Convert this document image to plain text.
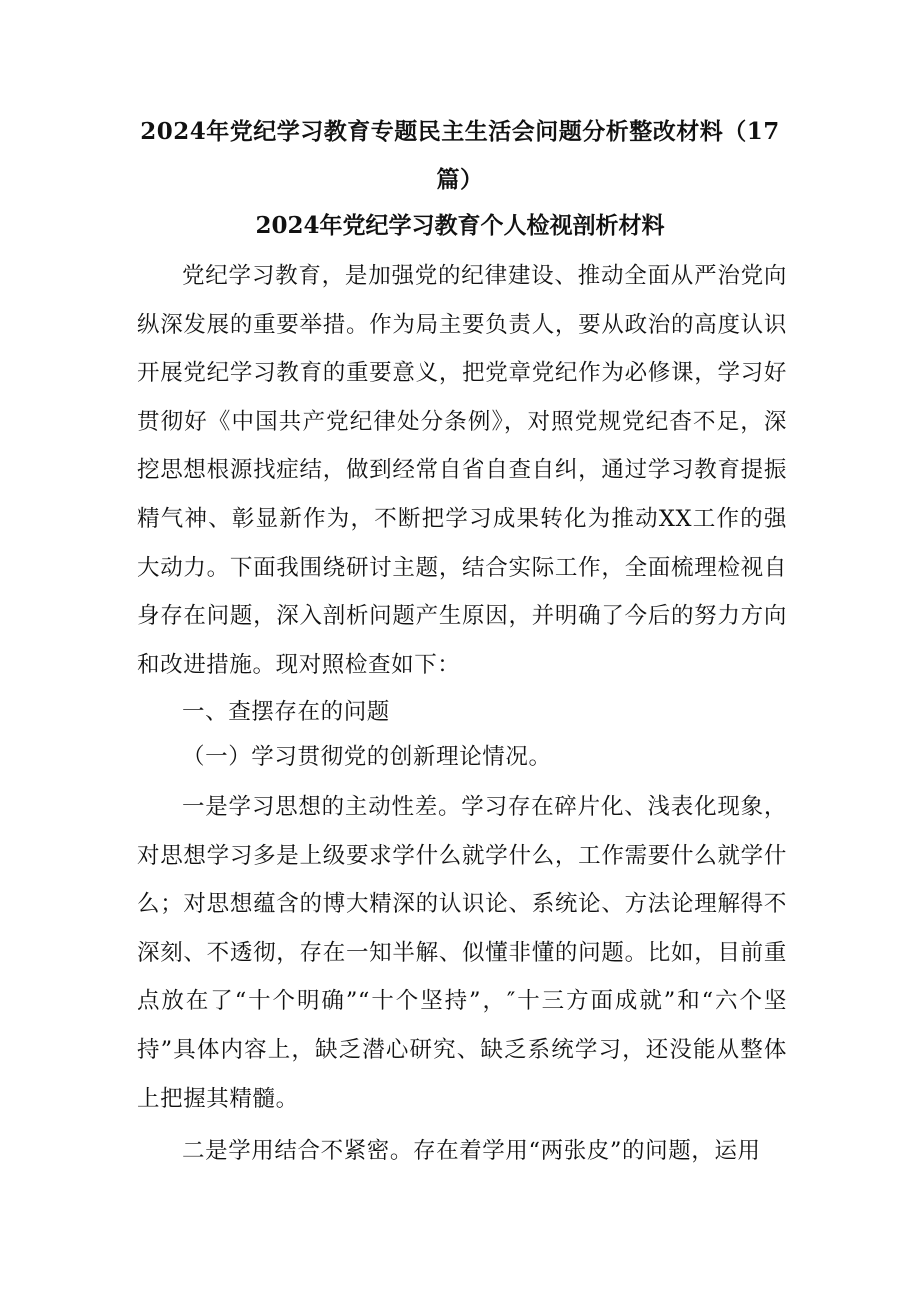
2024年党纪学习教育专题民主生活会问题分析整改材料（17篇）
2024年党纪学习教育个人检视剖析材料

党纪学习教育，是加强党的纪律建设、推动全面从严治党向纵深发展的重要举措。作为局主要负责人，要从政治的高度认识开展党纪学习教育的重要意义，把党章党纪作为必修课，学习好贯彻好《中国共产党纪律处分条例》，对照党规党纪杳不足，深挖思想根源找症结，做到经常自省自查自纠，通过学习教育提振精气神、彰显新作为，不断把学习成果转化为推动XX工作的强大动力。下面我围绕研讨主题，结合实际工作，全面梳理检视自身存在问题，深入剖析问题产生原因，并明确了今后的努力方向和改进措施。现对照检查如下：

一、查摆存在的问题

（一）学习贯彻党的创新理论情况。

一是学习思想的主动性差。学习存在碎片化、浅表化现象，对思想学习多是上级要求学什么就学什么，工作需要什么就学什么；对思想蕴含的博大精深的认识论、系统论、方法论理解得不深刻、不透彻，存在一知半解、似懂非懂的问题。比如，目前重点放在了“十个明确”“十个坚持”，″十三方面成就”和“六个坚持”具体内容上，缺乏潜心研究、缺乏系统学习，还没能从整体上把握其精髓。

二是学用结合不紧密。存在着学用“两张皮”的问题，运用
